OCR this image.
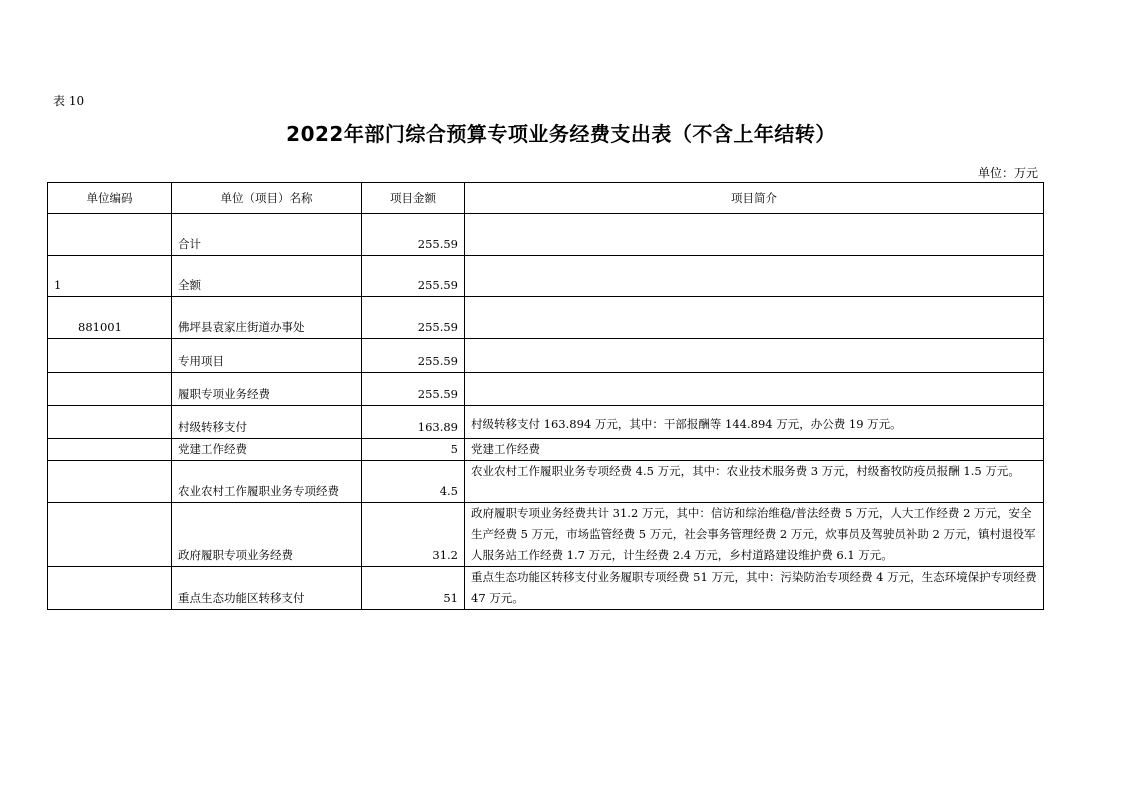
表 10
2022年部门综合预算专项业务经费支出表（不含上年结转）
单位：万元
单位编码	单位（项目）名称	项目金额	项目简介
	合计	255.59	
1	全额	255.59	
881001	佛坪县袁家庄街道办事处	255.59	
	专用项目	255.59	
	履职专项业务经费	255.59	
	村级转移支付	163.89	村级转移支付 163.894 万元，其中：干部报酬等 144.894 万元，办公费 19 万元。
	党建工作经费	5	党建工作经费
	农业农村工作履职业务专项经费	4.5	农业农村工作履职业务专项经费 4.5 万元，其中：农业技术服务费 3 万元，村级畜牧防疫员报酬 1.5 万元。
	政府履职专项业务经费	31.2	政府履职专项业务经费共计 31.2 万元，其中：信访和综治维稳/普法经费 5 万元，人大工作经费 2 万元，安全生产经费 5 万元，市场监管经费 5 万元，社会事务管理经费 2 万元，炊事员及驾驶员补助 2 万元，镇村退役军人服务站工作经费 1.7 万元，计生经费 2.4 万元，乡村道路建设维护费 6.1 万元。
	重点生态功能区转移支付	51	重点生态功能区转移支付业务履职专项经费 51 万元，其中：污染防治专项经费 4 万元，生态环境保护专项经费 47 万元。
